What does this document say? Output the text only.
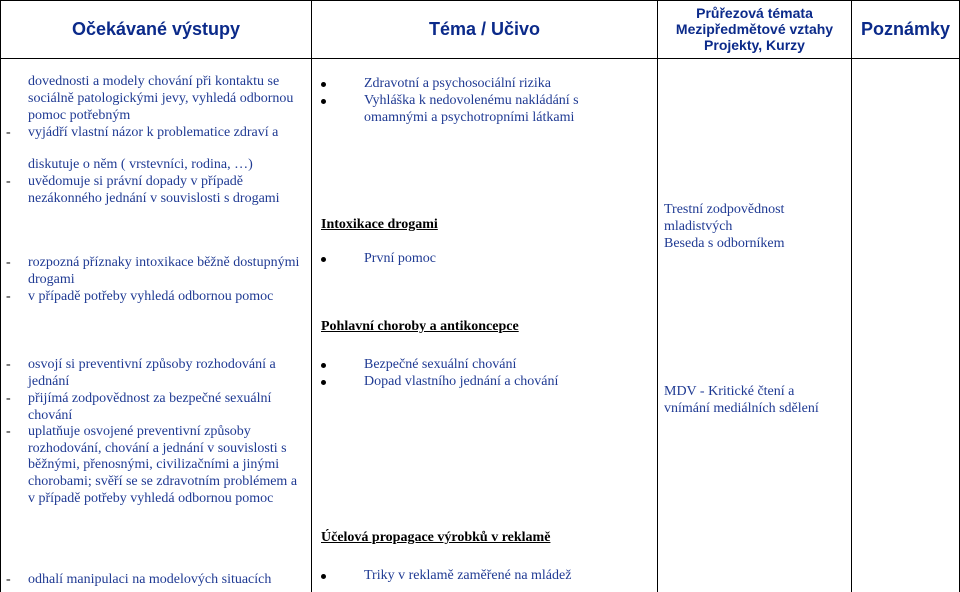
Očekávané výstupy	Téma / Učivo
Průřezová témata
Mezipředmětové vztahy
Projekty, Kurzy
Poznámky
dovednosti a modely chování při kontaktu se
sociálně patologickými jevy, vyhledá odbornou
pomoc potřebným
- vyjádří vlastní názor k problematice zdraví a
diskutuje o něm ( vrstevníci, rodina, …)
- uvědomuje si právní dopady v případě
nezákonného jednání v souvislosti s drogami
- rozpozná příznaky intoxikace běžně dostupnými
drogami
- v případě potřeby vyhledá odbornou pomoc
- osvojí si preventivní způsoby rozhodování a
jednání
- přijímá zodpovědnost za bezpečné sexuální
chování
- uplatňuje osvojené preventivní způsoby
rozhodování, chování a jednání v souvislosti s
běžnými, přenosnými, civilizačními a jinými
chorobami; svěří se se zdravotním problémem a
v případě potřeby vyhledá odbornou pomoc
- odhalí manipulaci na modelových situacích
Zdravotní a psychosociální rizika
Vyhláška k nedovolenému nakládání s
omamnými a psychotropními látkami
Intoxikace drogami
První pomoc
Pohlavní choroby a antikoncepce
Bezpečné sexuální chování
Dopad vlastního jednání a chování
Účelová propagace výrobků v reklamě
Triky v reklamě zaměřené na mládež
Trestní zodpovědnost
mladistvých
Beseda s odborníkem
MDV - Kritické čtení a
vnímání mediálních sdělení
